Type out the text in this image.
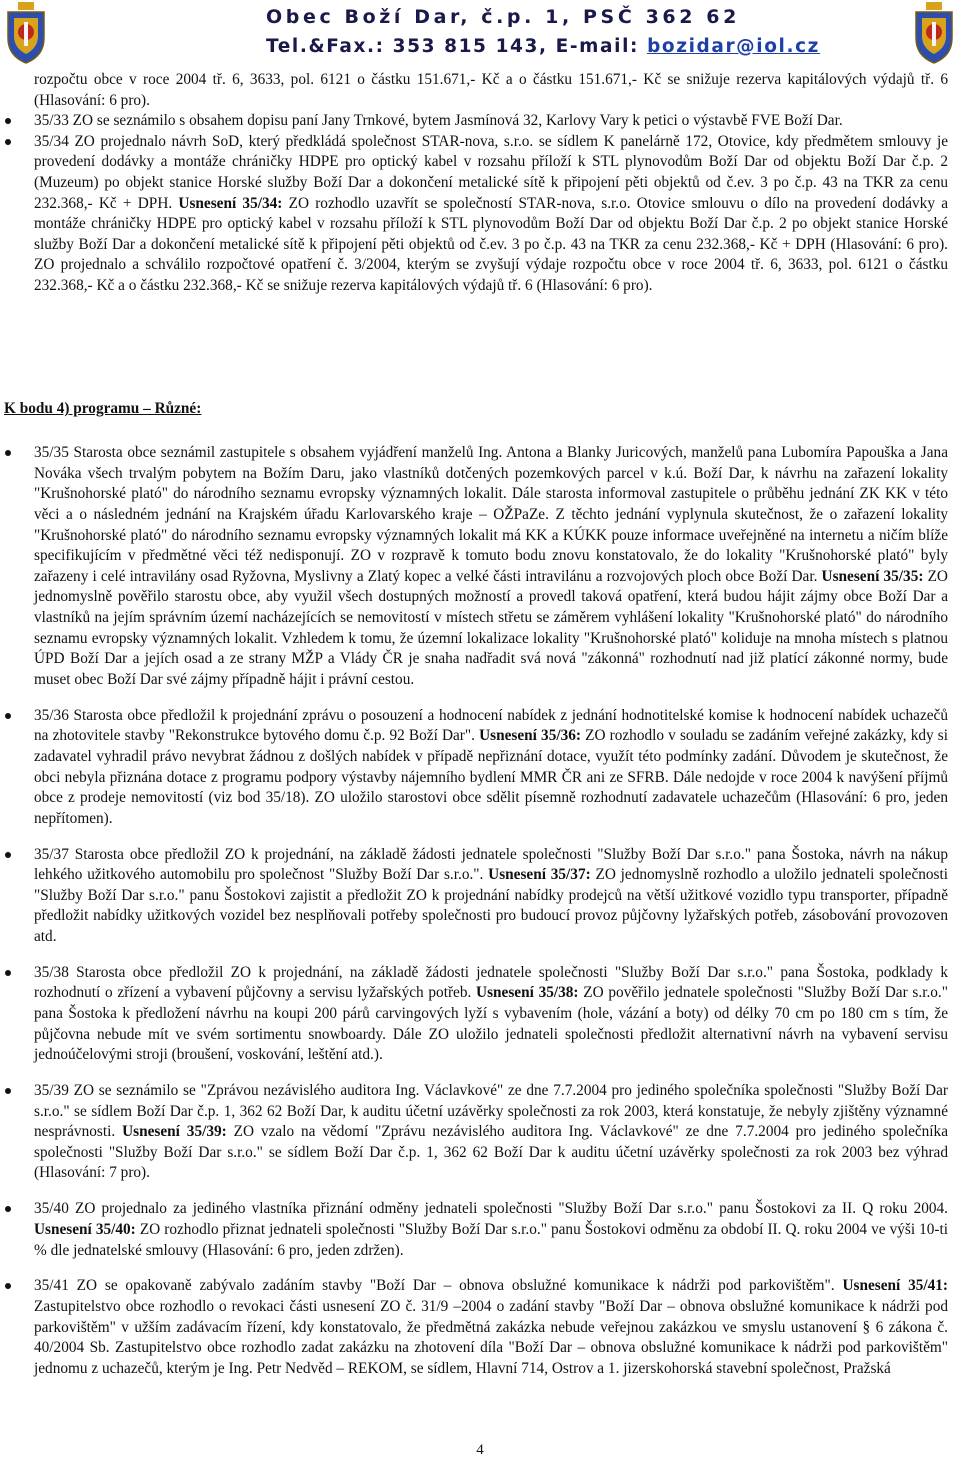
Obec Boží Dar, č.p. 1, PSČ 362 62
Tel.&Fax.: 353 815 143, E-mail: bozidar@iol.cz

rozpočtu obce v roce 2004 tř. 6, 3633, pol. 6121 o částku 151.671,- Kč a o částku 151.671,- Kč se snižuje rezerva kapitálových výdajů tř. 6 (Hlasování: 6 pro).

35/33 ZO se seznámilo s obsahem dopisu paní Jany Trnkové, bytem Jasmínová 32, Karlovy Vary k petici o výstavbě FVE Boží Dar.

35/34 ZO projednalo návrh SoD, který předkládá společnost STAR-nova, s.r.o. se sídlem K panelárně 172, Otovice, kdy předmětem smlouvy je provedení dodávky a montáže chráničky HDPE pro optický kabel v rozsahu příloží k STL plynovodům Boží Dar od objektu Boží Dar č.p. 2 (Muzeum) po objekt stanice Horské služby Boží Dar a dokončení metalické sítě k připojení pěti objektů od č.ev. 3 po č.p. 43 na TKR za cenu 232.368,- Kč + DPH. Usnesení 35/34: ZO rozhodlo uzavřít se společností STAR-nova, s.r.o. Otovice smlouvu o dílo na provedení dodávky a montáže chráničky HDPE pro optický kabel v rozsahu příloží k STL plynovodům Boží Dar od objektu Boží Dar č.p. 2 po objekt stanice Horské služby Boží Dar a dokončení metalické sítě k připojení pěti objektů od č.ev. 3 po č.p. 43 na TKR za cenu 232.368,- Kč + DPH (Hlasování: 6 pro). ZO projednalo a schválilo rozpočtové opatření č. 3/2004, kterým se zvyšují výdaje rozpočtu obce v roce 2004 tř. 6, 3633, pol. 6121 o částku 232.368,- Kč a o částku 232.368,- Kč se snižuje rezerva kapitálových výdajů tř. 6 (Hlasování: 6 pro).

K bodu 4) programu – Různé:

35/35 Starosta obce seznámil zastupitele s obsahem vyjádření manželů Ing. Antona a Blanky Juricových, manželů pana Lubomíra Papouška a Jana Nováka všech trvalým pobytem na Božím Daru, jako vlastníků dotčených pozemkových parcel v k.ú. Boží Dar, k návrhu na zařazení lokality "Krušnohorské plató" do národního seznamu evropsky významných lokalit. Dále starosta informoval zastupitele o průběhu jednání ZK KK v této věci a o následném jednání na Krajském úřadu Karlovarského kraje – OŽPaZe. Z těchto jednání vyplynula skutečnost, že o zařazení lokality "Krušnohorské plató" do národního seznamu evropsky významných lokalit má KK a KÚKK pouze informace uveřejněné na internetu a ničím blíže specifikujícím v předmětné věci též nedisponují. ZO v rozpravě k tomuto bodu znovu konstatovalo, že do lokality "Krušnohorské plató" byly zařazeny i celé intravilány osad Ryžovna, Myslivny a Zlatý kopec a velké části intravilánu a rozvojových ploch obce Boží Dar. Usnesení 35/35: ZO jednomyslně pověřilo starostu obce, aby využil všech dostupných možností a provedl taková opatření, která budou hájit zájmy obce Boží Dar a vlastníků na jejím správním území nacházejících se nemovitostí v místech střetu se záměrem vyhlášení lokality "Krušnohorské plató" do národního seznamu evropsky významných lokalit. Vzhledem k tomu, že územní lokalizace lokality "Krušnohorské plató" koliduje na mnoha místech s platnou ÚPD Boží Dar a jejích osad a ze strany MŽP a Vlády ČR je snaha nadřadit svá nová "zákonná" rozhodnutí nad již platící zákonné normy, bude muset obec Boží Dar své zájmy případně hájit i právní cestou.

35/36 Starosta obce předložil k projednání zprávu o posouzení a hodnocení nabídek z jednání hodnotitelské komise k hodnocení nabídek uchazečů na zhotovitele stavby "Rekonstrukce bytového domu č.p. 92 Boží Dar". Usnesení 35/36: ZO rozhodlo v souladu se zadáním veřejné zakázky, kdy si zadavatel vyhradil právo nevybrat žádnou z došlých nabídek v případě nepřiznání dotace, využít této podmínky zadání. Důvodem je skutečnost, že obci nebyla přiznána dotace z programu podpory výstavby nájemního bydlení MMR ČR ani ze SFRB. Dále nedojde v roce 2004 k navýšení příjmů obce z prodeje nemovitostí (viz bod 35/18). ZO uložilo starostovi obce sdělit písemně rozhodnutí zadavatele uchazečům (Hlasování: 6 pro, jeden nepřítomen).

35/37 Starosta obce předložil ZO k projednání, na základě žádosti jednatele společnosti "Služby Boží Dar s.r.o." pana Šostoka, návrh na nákup lehkého užitkového automobilu pro společnost "Služby Boží Dar s.r.o.". Usnesení 35/37: ZO jednomyslně rozhodlo a uložilo jednateli společnosti "Služby Boží Dar s.r.o." panu Šostokovi zajistit a předložit ZO k projednání nabídky prodejců na větší užitkové vozidlo typu transporter, případně předložit nabídky užitkových vozidel bez nesplňovali potřeby společnosti pro budoucí provoz půjčovny lyžařských potřeb, zásobování provozoven atd.

35/38 Starosta obce předložil ZO k projednání, na základě žádosti jednatele společnosti "Služby Boží Dar s.r.o." pana Šostoka, podklady k rozhodnutí o zřízení a vybavení půjčovny a servisu lyžařských potřeb. Usnesení 35/38: ZO pověřilo jednatele společnosti "Služby Boží Dar s.r.o." pana Šostoka k předložení návrhu na koupi 200 párů carvingových lyží s vybavením (hole, vázání a boty) od délky 70 cm po 180 cm s tím, že půjčovna nebude mít ve svém sortimentu snowboardy. Dále ZO uložilo jednateli společnosti předložit alternativní návrh na vybavení servisu jednoúčelovými stroji (broušení, voskování, leštění atd.).

35/39 ZO se seznámilo se "Zprávou nezávislého auditora Ing. Václavkové" ze dne 7.7.2004 pro jediného společníka společnosti "Služby Boží Dar s.r.o." se sídlem Boží Dar č.p. 1, 362 62 Boží Dar, k auditu účetní uzávěrky společnosti za rok 2003, která konstatuje, že nebyly zjištěny významné nesprávnosti. Usnesení 35/39: ZO vzalo na vědomí "Zprávu nezávislého auditora Ing. Václavkové" ze dne 7.7.2004 pro jediného společníka společnosti "Služby Boží Dar s.r.o." se sídlem Boží Dar č.p. 1, 362 62 Boží Dar k auditu účetní uzávěrky společnosti za rok 2003 bez výhrad (Hlasování: 7 pro).

35/40 ZO projednalo za jediného vlastníka přiznání odměny jednateli společnosti "Služby Boží Dar s.r.o." panu Šostokovi za II. Q roku 2004. Usnesení 35/40: ZO rozhodlo přiznat jednateli společnosti "Služby Boží Dar s.r.o." panu Šostokovi odměnu za období II. Q. roku 2004 ve výši 10-ti % dle jednatelské smlouvy (Hlasování: 6 pro, jeden zdržen).

35/41 ZO se opakovaně zabývalo zadáním stavby "Boží Dar – obnova obslužné komunikace k nádrži pod parkovištěm". Usnesení 35/41: Zastupitelstvo obce rozhodlo o revokaci části usnesení ZO č. 31/9 –2004 o zadání stavby "Boží Dar – obnova obslužné komunikace k nádrži pod parkovištěm" v užším zadávacím řízení, kdy konstatovalo, že předmětná zakázka nebude veřejnou zakázkou ve smyslu ustanovení § 6 zákona č. 40/2004 Sb. Zastupitelstvo obce rozhodlo zadat zakázku na zhotovení díla "Boží Dar – obnova obslužné komunikace k nádrži pod parkovištěm" jednomu z uchazečů, kterým je Ing. Petr Nedvěd – REKOM, se sídlem, Hlavní 714, Ostrov a 1. jizerskohorská stavební společnost, Pražská

4
